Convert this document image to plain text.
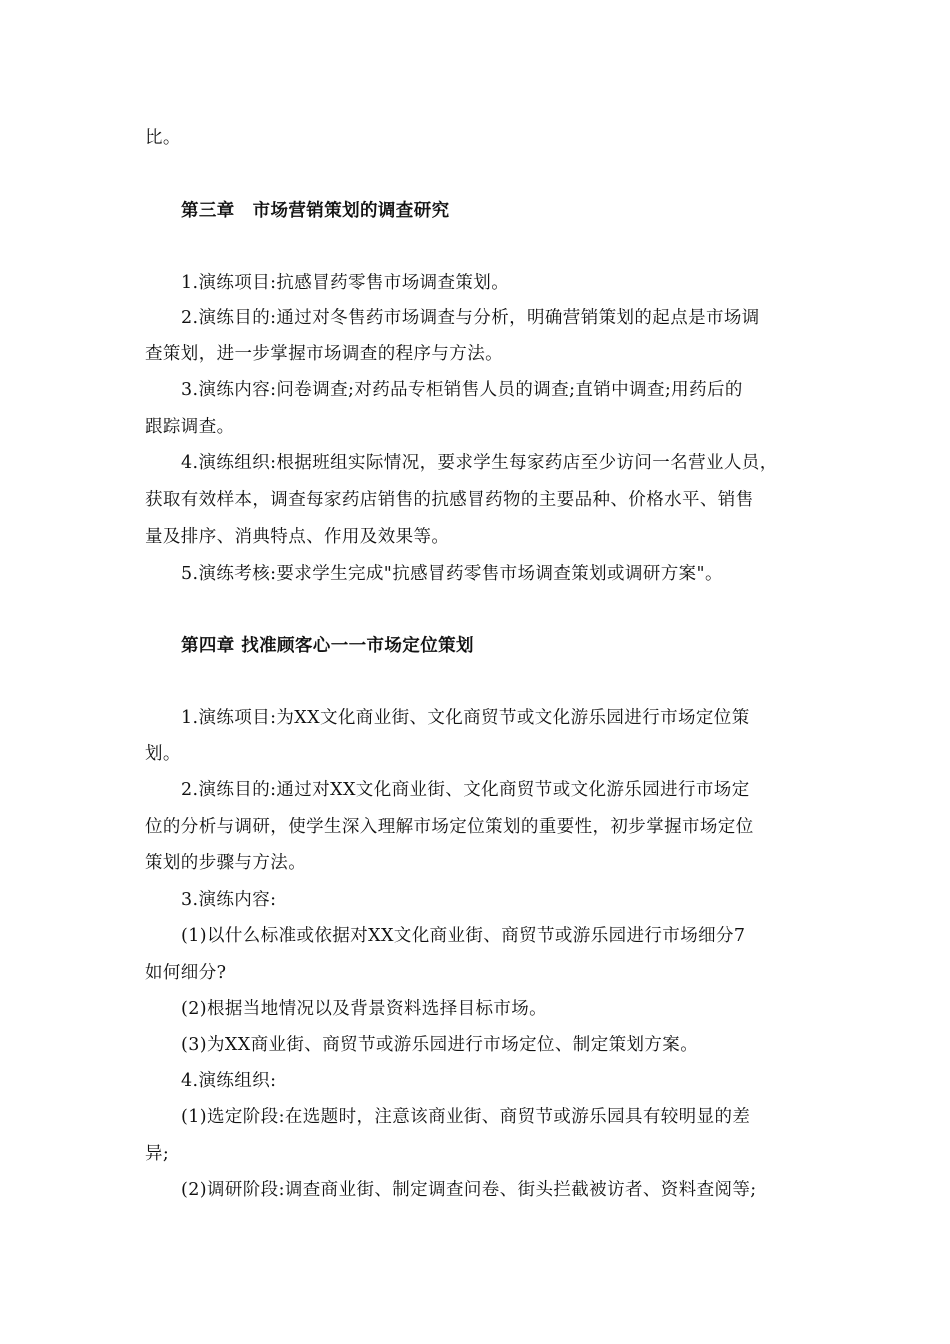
比。
第三章　市场营销策划的调查研究
1.演练项目:抗感冒药零售市场调查策划。
2.演练目的:通过对冬售药市场调查与分析，明确营销策划的起点是市场调
查策划，进一步掌握市场调查的程序与方法。
3.演练内容:问卷调查;对药品专柜销售人员的调查;直销中调查;用药后的
跟踪调查。
4.演练组织:根据班组实际情况，要求学生每家药店至少访问一名营业人员，
获取有效样本，调查每家药店销售的抗感冒药物的主要品种、价格水平、销售
量及排序、消典特点、作用及效果等。
5.演练考核:要求学生完成"抗感冒药零售市场调查策划或调研方案"。
第四章 找准顾客心一一市场定位策划
1.演练项目:为XX文化商业街、文化商贸节或文化游乐园进行市场定位策
划。
2.演练目的:通过对XX文化商业街、文化商贸节或文化游乐园进行市场定
位的分析与调研，使学生深入理解市场定位策划的重要性，初步掌握市场定位
策划的步骤与方法。
3.演练内容:
(1)以什么标准或依据对XX文化商业街、商贸节或游乐园进行市场细分7
如何细分?
(2)根据当地情况以及背景资料选择目标市场。
(3)为XX商业街、商贸节或游乐园进行市场定位、制定策划方案。
4.演练组织:
(1)选定阶段:在选题时，注意该商业街、商贸节或游乐园具有较明显的差
异;
(2)调研阶段:调查商业街、制定调查问卷、街头拦截被访者、资料查阅等;
